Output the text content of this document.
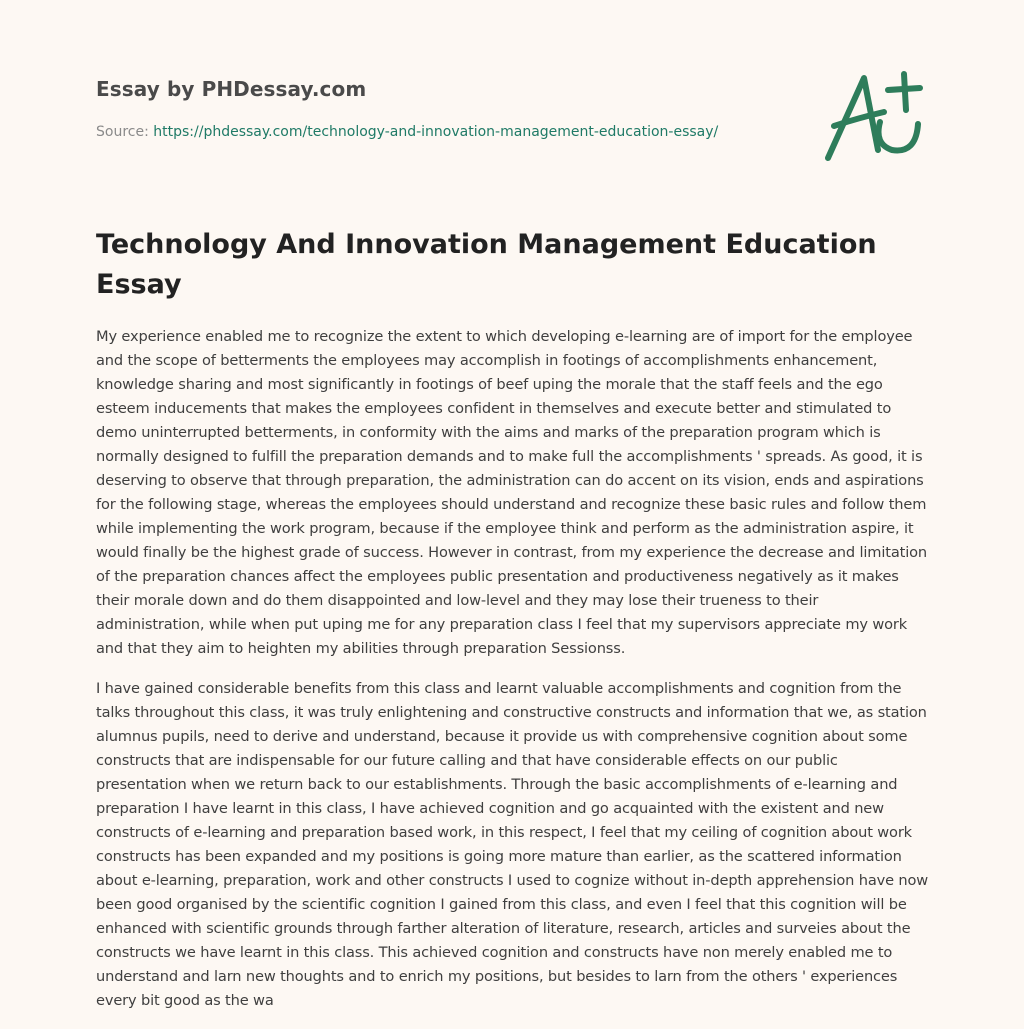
Essay by PHDessay.com

Source: https://phdessay.com/technology-and-innovation-management-education-essay/

Technology And Innovation Management Education Essay

My experience enabled me to recognize the extent to which developing e-learning are of import for the employee and the scope of betterments the employees may accomplish in footings of accomplishments enhancement, knowledge sharing and most significantly in footings of beef uping the morale that the staff feels and the ego esteem inducements that makes the employees confident in themselves and execute better and stimulated to demo uninterrupted betterments, in conformity with the aims and marks of the preparation program which is normally designed to fulfill the preparation demands and to make full the accomplishments ' spreads. As good, it is deserving to observe that through preparation, the administration can do accent on its vision, ends and aspirations for the following stage, whereas the employees should understand and recognize these basic rules and follow them while implementing the work program, because if the employee think and perform as the administration aspire, it would finally be the highest grade of success. However in contrast, from my experience the decrease and limitation of the preparation chances affect the employees public presentation and productiveness negatively as it makes their morale down and do them disappointed and low-level and they may lose their trueness to their administration, while when put uping me for any preparation class I feel that my supervisors appreciate my work and that they aim to heighten my abilities through preparation Sessionss.

I have gained considerable benefits from this class and learnt valuable accomplishments and cognition from the talks throughout this class, it was truly enlightening and constructive constructs and information that we, as station alumnus pupils, need to derive and understand, because it provide us with comprehensive cognition about some constructs that are indispensable for our future calling and that have considerable effects on our public presentation when we return back to our establishments. Through the basic accomplishments of e-learning and preparation I have learnt in this class, I have achieved cognition and go acquainted with the existent and new constructs of e-learning and preparation based work, in this respect, I feel that my ceiling of cognition about work constructs has been expanded and my positions is going more mature than earlier, as the scattered information about e-learning, preparation, work and other constructs I used to cognize without in-depth apprehension have now been good organised by the scientific cognition I gained from this class, and even I feel that this cognition will be enhanced with scientific grounds through farther alteration of literature, research, articles and surveies about the constructs we have learnt in this class. This achieved cognition and constructs have non merely enabled me to understand and larn new thoughts and to enrich my positions, but besides to larn from the others ' experiences every bit good as the wa
